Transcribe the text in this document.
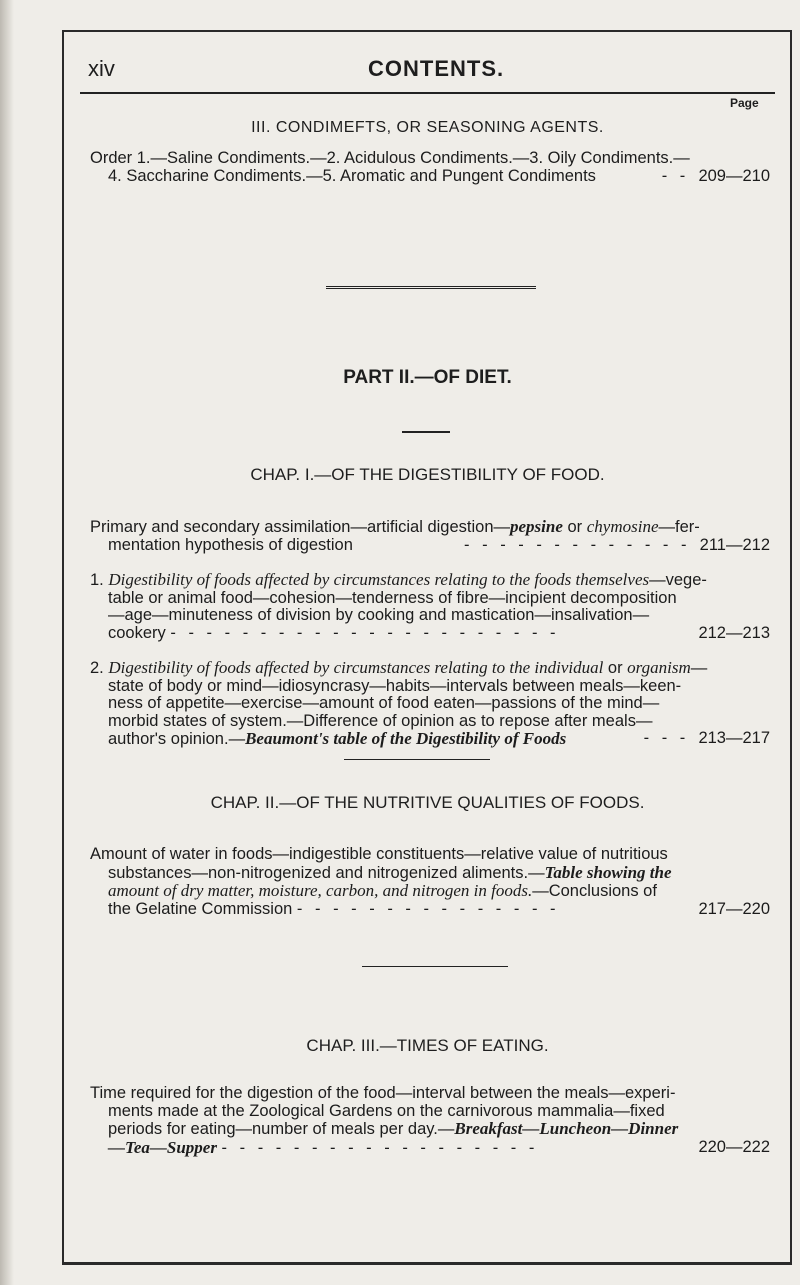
xiv	CONTENTS.
Page
III. CONDIMEFTS, OR SEASONING AGENTS.

Order 1.—Saline Condiments.—2. Acidulous Condiments.—3. Oily Condiments.—
4. Saccharine Condiments.—5. Aromatic and Pungent Condiments	- - 209—210

PART II.—OF DIET.
CHAP. I.—OF THE DIGESTIBILITY OF FOOD.

Primary and secondary assimilation—artificial digestion—pepsine or chymosine—fer-
mentation hypothesis of digestion	- - - - - - - - - - - - - 211—212

1. Digestibility of foods affected by circumstances relating to the foods themselves—vege-
table or animal food—cohesion—tenderness of fibre—incipient decomposition
—age—minuteness of division by cooking and mastication—insalivation—
cookery - - - - - - - - - - - - - - - - - - - - - -	212—213

2. Digestibility of foods affected by circumstances relating to the individual or organism—
state of body or mind—idiosyncrasy—habits—intervals between meals—keen-
ness of appetite—exercise—amount of food eaten—passions of the mind—
morbid states of system.—Difference of opinion as to repose after meals—
author's opinion.—Beaumont's table of the Digestibility of Foods	- - - 213—217

CHAP. II.—OF THE NUTRITIVE QUALITIES OF FOODS.

Amount of water in foods—indigestible constituents—relative value of nutritious
substances—non-nitrogenized and nitrogenized aliments.—Table showing the
amount of dry matter, moisture, carbon, and nitrogen in foods.—Conclusions of
the Gelatine Commission - - - - - - - - - - - - - - -	217—220

CHAP. III.—TIMES OF EATING.

Time required for the digestion of the food—interval between the meals—experi-
ments made at the Zoological Gardens on the carnivorous mammalia—fixed
periods for eating—number of meals per day.—Breakfast—Luncheon—Dinner
—Tea—Supper - - - - - - - - - - - - - - - - - -	220—222
